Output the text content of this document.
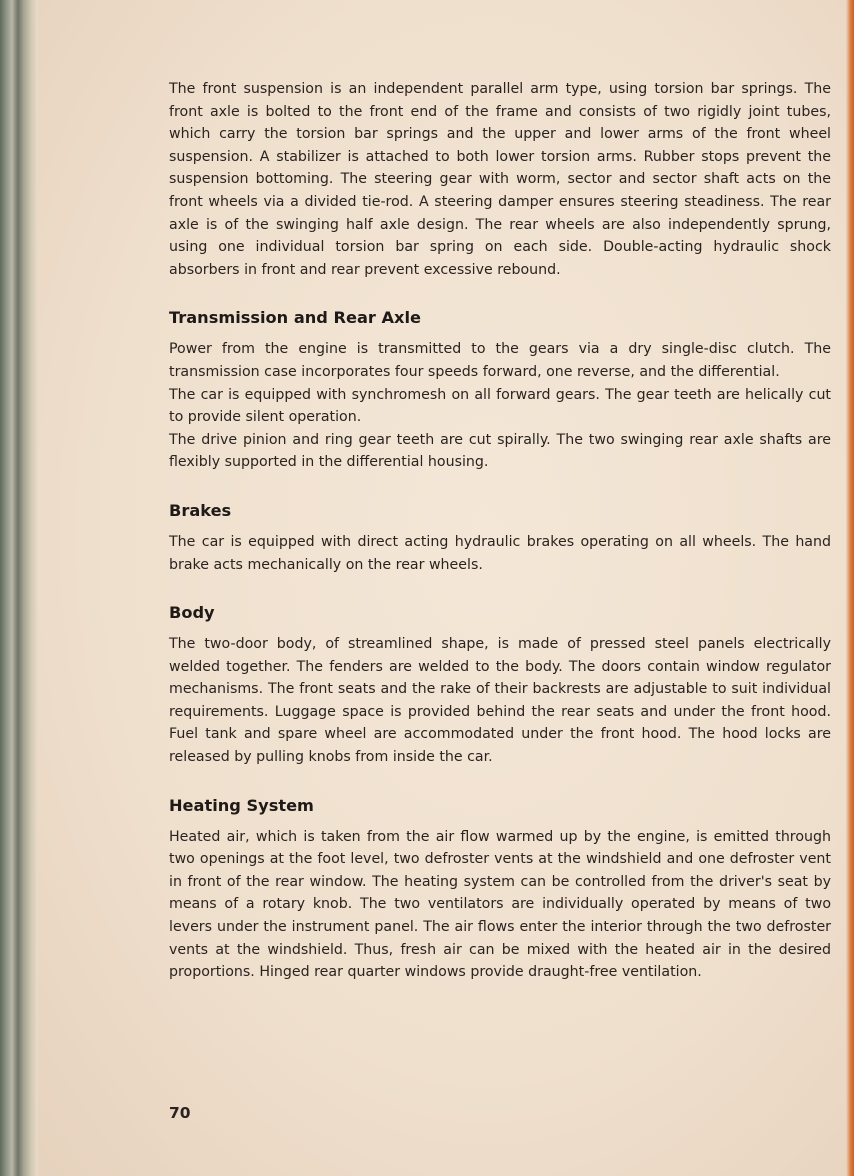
The front suspension is an independent parallel arm type, using torsion bar springs. The front axle is bolted to the front end of the frame and consists of two rigidly joint tubes, which carry the torsion bar springs and the upper and lower arms of the front wheel suspension. A stabilizer is attached to both lower torsion arms. Rubber stops prevent the suspension bottoming. The steering gear with worm, sector and sector shaft acts on the front wheels via a divided tie-rod. A steering damper ensures steering steadiness. The rear axle is of the swinging half axle design. The rear wheels are also independently sprung, using one individual torsion bar spring on each side. Double-acting hydraulic shock absorbers in front and rear prevent excessive rebound.

Transmission and Rear Axle

Power from the engine is transmitted to the gears via a dry single-disc clutch. The transmission case incorporates four speeds forward, one reverse, and the differential.

The car is equipped with synchromesh on all forward gears. The gear teeth are helically cut to provide silent operation.

The drive pinion and ring gear teeth are cut spirally. The two swinging rear axle shafts are flexibly supported in the differential housing.

Brakes

The car is equipped with direct acting hydraulic brakes operating on all wheels. The hand brake acts mechanically on the rear wheels.

Body

The two-door body, of streamlined shape, is made of pressed steel panels electrically welded together. The fenders are welded to the body. The doors contain window regulator mechanisms. The front seats and the rake of their backrests are adjustable to suit individual requirements. Luggage space is provided behind the rear seats and under the front hood. Fuel tank and spare wheel are accommodated under the front hood. The hood locks are released by pulling knobs from inside the car.

Heating System

Heated air, which is taken from the air flow warmed up by the engine, is emitted through two openings at the foot level, two defroster vents at the windshield and one defroster vent in front of the rear window. The heating system can be controlled from the driver's seat by means of a rotary knob. The two ventilators are individually operated by means of two levers under the instrument panel. The air flows enter the interior through the two defroster vents at the windshield. Thus, fresh air can be mixed with the heated air in the desired proportions. Hinged rear quarter windows provide draught-free ventilation.

70
